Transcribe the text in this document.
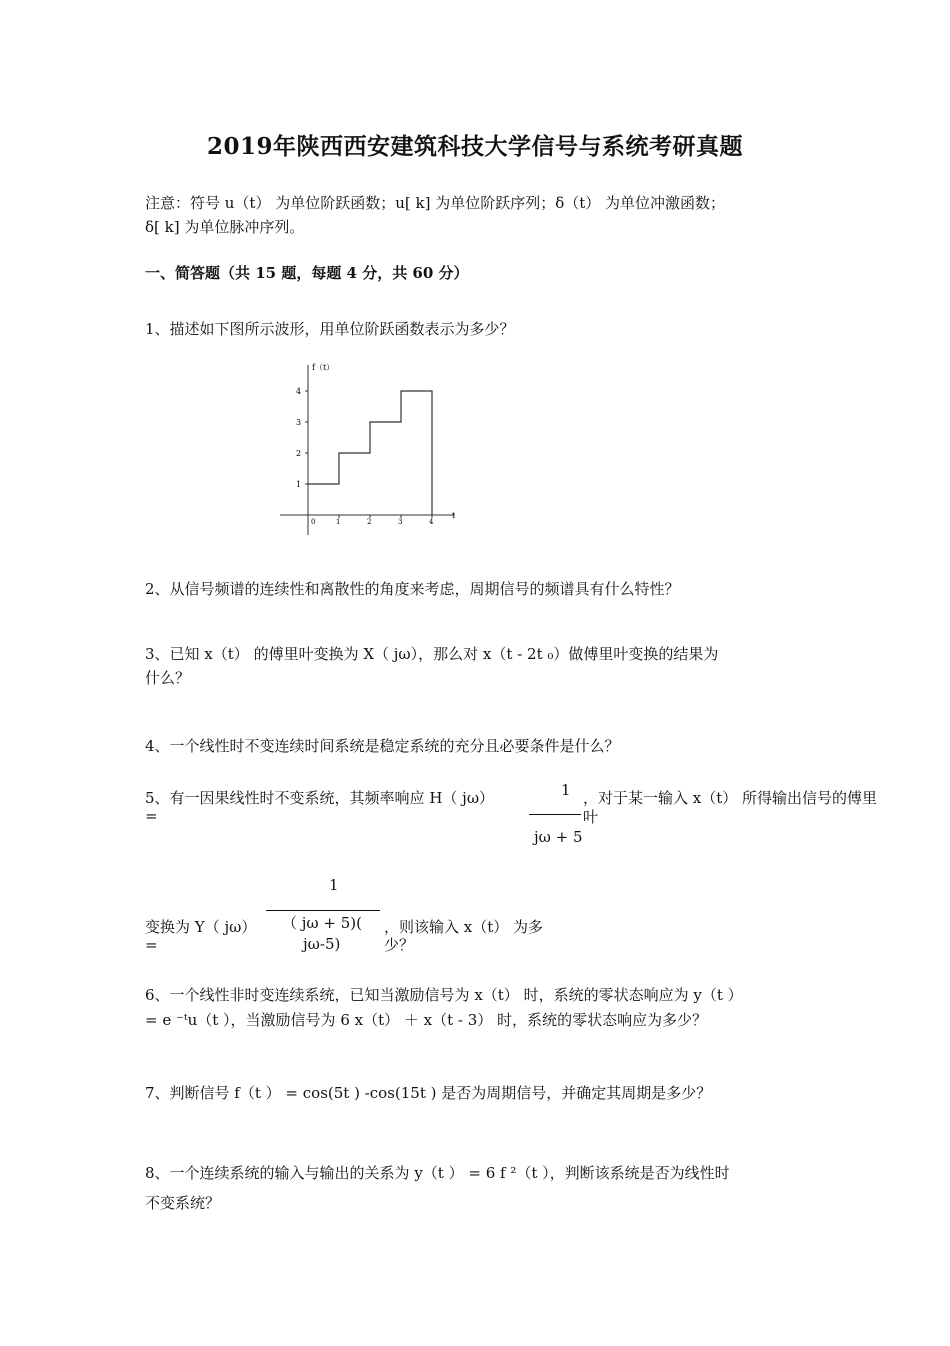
2019年陕西西安建筑科技大学信号与系统考研真题
注意：符号 u（t） 为单位阶跃函数；u[ k] 为单位阶跃序列；δ（t） 为单位冲激函数；
δ[ k] 为单位脉冲序列。
一、简答题（共 15 题，每题 4 分，共 60 分）
1、描述如下图所示波形，用单位阶跃函数表示为多少？
1
2
3
4
0	1	2	3	4
f（t）
t
2、从信号频谱的连续性和离散性的角度来考虑，周期信号的频谱具有什么特性？
3、已知 x（t） 的傅里叶变换为 X（ jω），那么对 x（t - 2t ₀）做傅里叶变换的结果为
什么？
4、一个线性时不变连续时间系统是稳定系统的充分且必要条件是什么？
5、有一因果线性时不变系统，其频率响应 H（ jω）
=
1
jω + 5
，对于某一输入 x（t） 所得输出信号的傅里
叶
1
变换为 Y（ jω）
=
（ jω + 5)(
jω-5)
，则该输入 x（t） 为多
少？
6、一个线性非时变连续系统，已知当激励信号为 x（t） 时，系统的零状态响应为 y（t ）
= e ⁻ᵗu（t ），当激励信号为 6 x（t） ＋ x（t - 3） 时，系统的零状态响应为多少？
7、判断信号 f（t ） = cos(5t ) -cos(15t ) 是否为周期信号，并确定其周期是多少？
8、一个连续系统的输入与输出的关系为 y（t ） = 6 f ²（t ），判断该系统是否为线性时
不变系统？
